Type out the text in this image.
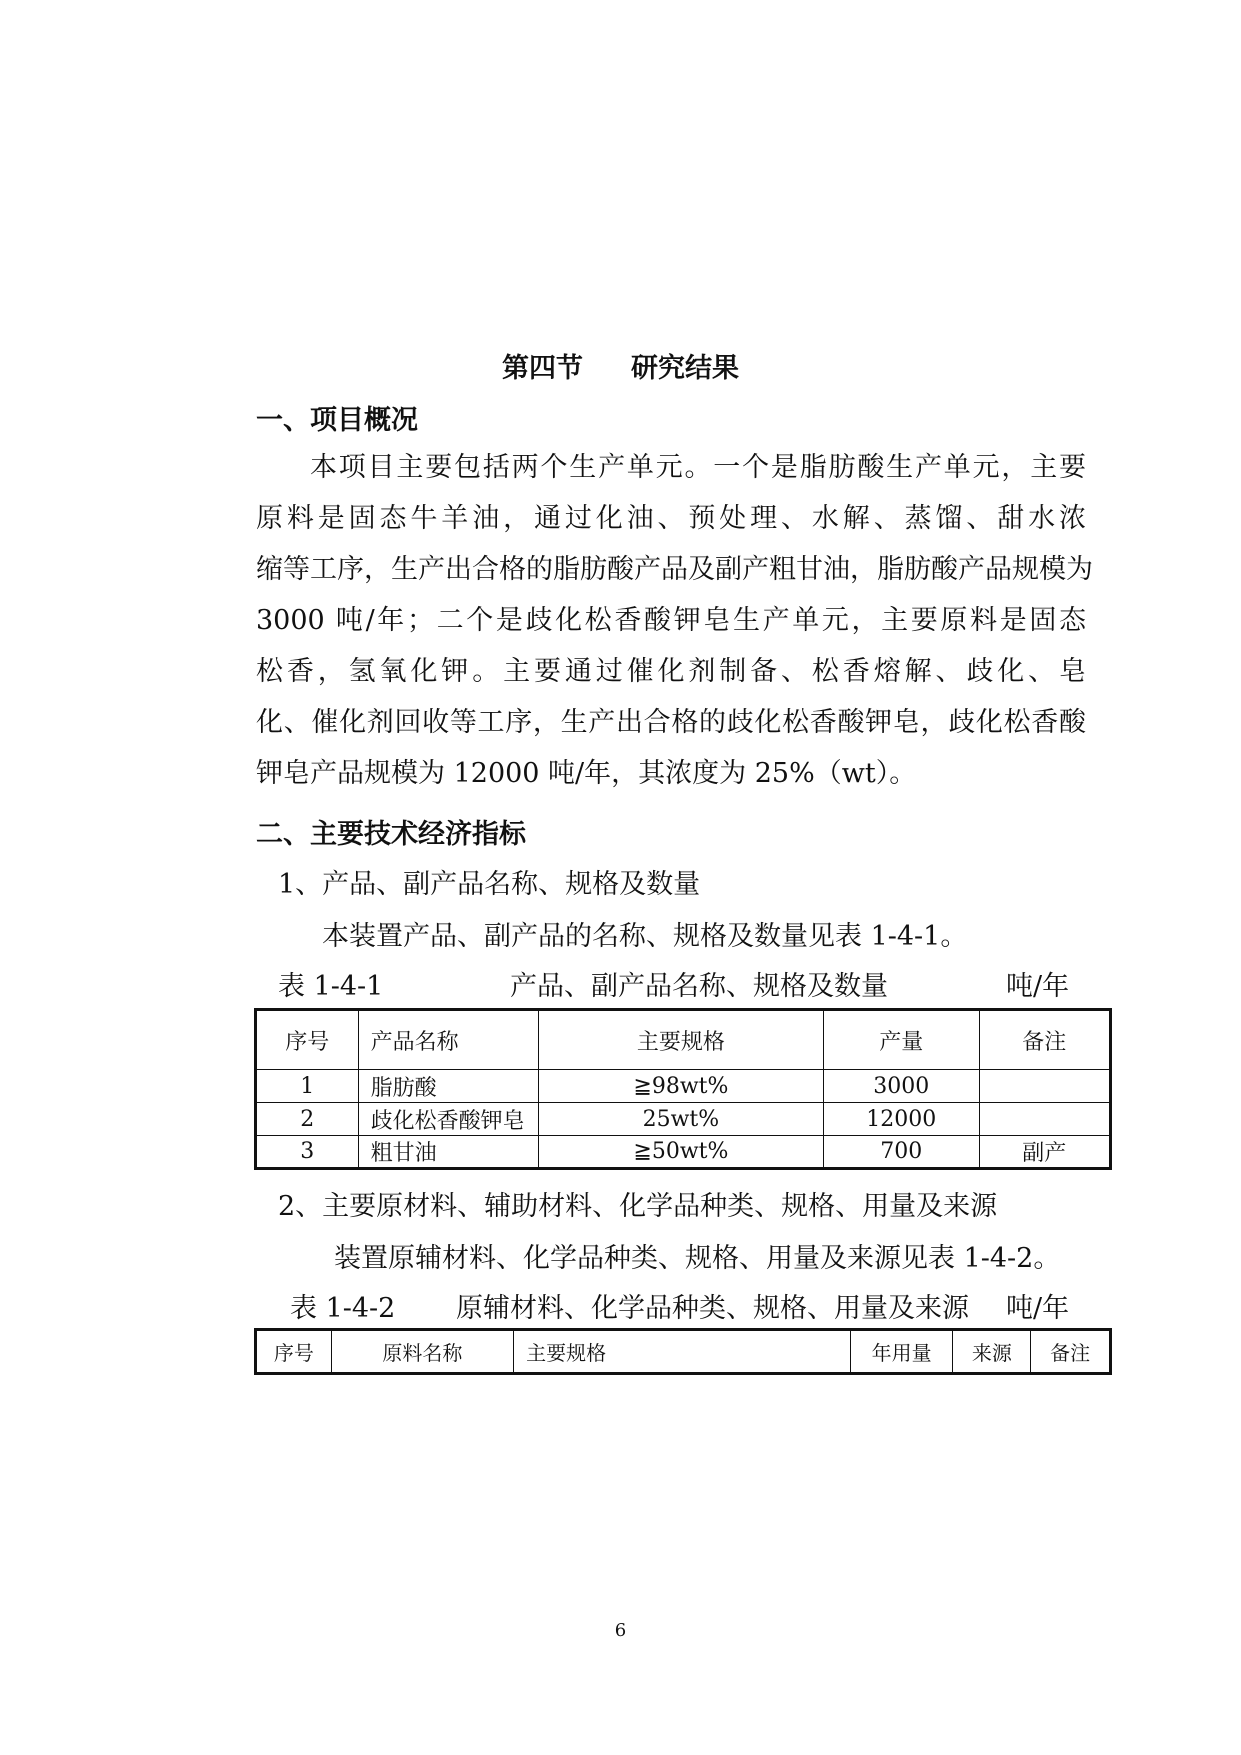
第四节 研究结果
一、项目概况

本项目主要包括两个生产单元。一个是脂肪酸生产单元，主要

原料是固态牛羊油，通过化油、预处理、水解、蒸馏、甜水浓

缩等工序，生产出合格的脂肪酸产品及副产粗甘油，脂肪酸产品规模为

3000 吨/年；二个是歧化松香酸钾皂生产单元，主要原料是固态

松香，氢氧化钾。主要通过催化剂制备、松香熔解、歧化、皂

化、催化剂回收等工序，生产出合格的歧化松香酸钾皂，歧化松香酸

钾皂产品规模为 12000 吨/年，其浓度为 25%（wt）。

二、主要技术经济指标
1、产品、副产品名称、规格及数量
本装置产品、副产品的名称、规格及数量见表 1-4-1。
表 1-4-1	产品、副产品名称、规格及数量	吨/年
序号	产品名称	主要规格	产量	备注
1	脂肪酸	≧98wt%	3000	
2	歧化松香酸钾皂	25wt%	12000	
3	粗甘油	≧50wt%	700	副产
2、主要原材料、辅助材料、化学品种类、规格、用量及来源
装置原辅材料、化学品种类、规格、用量及来源见表 1-4-2。
表 1-4-2 原辅材料、化学品种类、规格、用量及来源 吨/年
序号	原料名称	主要规格	年用量	来源	备注
6
